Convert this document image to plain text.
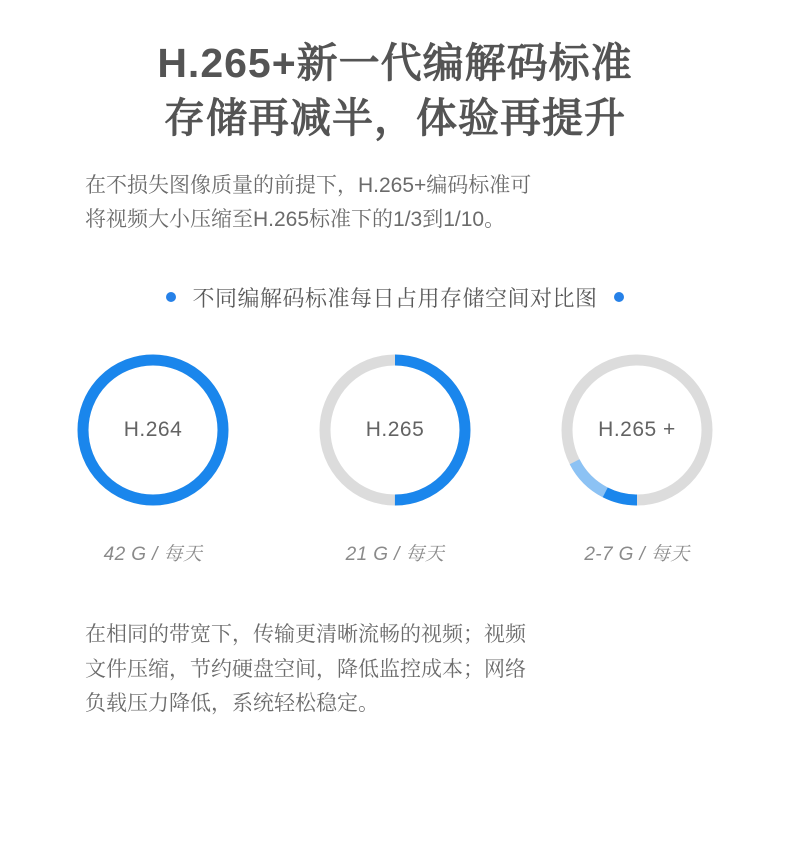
H.265+新一代编解码标准
存储再减半，体验再提升

在不损失图像质量的前提下，H.265+编码标准可

将视频大小压缩至H.265标准下的1/3到1/10。

不同编解码标准每日占用存储空间对比图
H.264
42 G / 每天
H.265
21 G / 每天
H.265 +
2-7 G / 每天

在相同的带宽下，传输更清晰流畅的视频；视频

文件压缩，节约硬盘空间，降低监控成本；网络

负载压力降低，系统轻松稳定。
